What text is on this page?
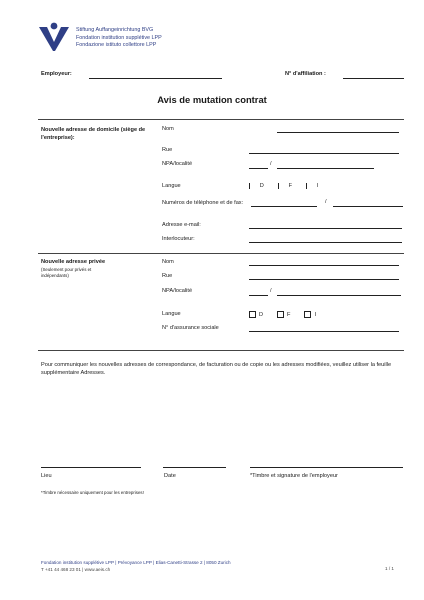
Stiftung Auffangeinrichtung BVG
Fondation institution supplétive LPP
Fondazione istituto collettore LPP
Employeur:	N° d'affiliation :
Avis de mutation contrat
Nouvelle adresse de domicile (siège de l'entreprise):
Nom
Rue
NPA/localité	/
Langue	D	F	I
Numéros de téléphone et de fax:	/
Adresse e-mail:
Interlocuteur:
Nouvelle adresse privée
(Seulement pour privés et indépendants)
Nom
Rue
NPA/localité	/
Langue	D	F	I
N° d'assurance sociale
Pour communiquer les nouvelles adresses de correspondance, de facturation ou de copie ou les adresses modifiées, veuillez utiliser la feuille supplémentaire Adresses.
Lieu	Date	*Timbre et signature de l'employeur
*Timbre nécessaire uniquement pour les entreprises!
Fondation institution supplétive LPP | Prévoyance LPP | Elias-Canetti-Strasse 2 | 8050 Zurich
T +41 44 468 23 01 | www.aeis.ch	1 / 1
